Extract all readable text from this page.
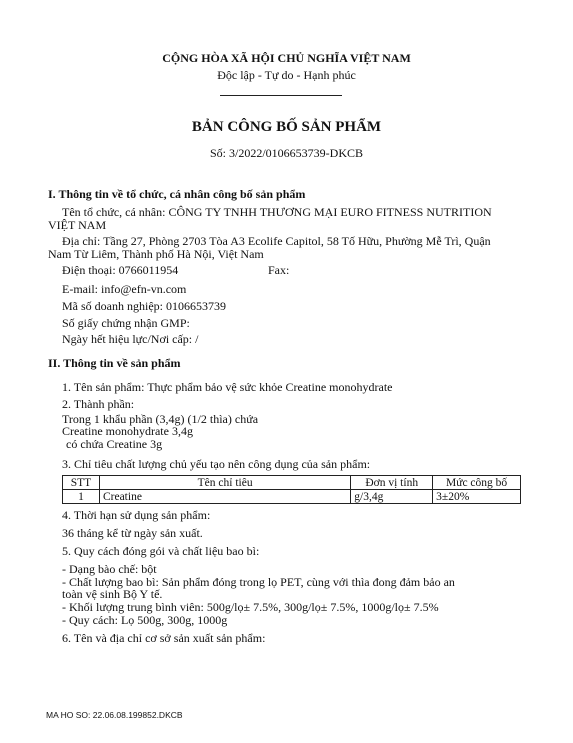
CỘNG HÒA XÃ HỘI CHỦ NGHĨA VIỆT NAM
Độc lập - Tự do - Hạnh phúc
BẢN CÔNG BỐ SẢN PHẨM
Số: 3/2022/0106653739-DKCB
I. Thông tin về tổ chức, cá nhân công bố sản phẩm
Tên tổ chức, cá nhân: CÔNG TY TNHH THƯƠNG MẠI EURO FITNESS NUTRITION
VIỆT NAM
Địa chỉ: Tầng 27, Phòng 2703 Tòa A3 Ecolife Capitol, 58 Tố Hữu, Phường Mễ Trì, Quận
Nam Từ Liêm, Thành phố Hà Nội, Việt Nam
Điện thoại: 0766011954	Fax:
E-mail: info@efn-vn.com
Mã số doanh nghiệp: 0106653739
Số giấy chứng nhận GMP:
Ngày hết hiệu lực/Nơi cấp: /
II. Thông tin về sản phẩm
1. Tên sản phẩm: Thực phẩm bảo vệ sức khỏe Creatine monohydrate
2. Thành phần:
Trong 1 khẩu phần (3,4g) (1/2 thìa) chứa
Creatine monohydrate 3,4g
có chứa Creatine 3g
3. Chỉ tiêu chất lượng chủ yếu tạo nên công dụng của sản phẩm:
STT	Tên chỉ tiêu	Đơn vị tính	Mức công bố
1	Creatine	g/3,4g	3±20%
4. Thời hạn sử dụng sản phẩm:
36 tháng kể từ ngày sản xuất.
5. Quy cách đóng gói và chất liệu bao bì:
- Dạng bào chế: bột
- Chất lượng bao bì: Sản phẩm đóng trong lọ PET, cùng với thìa đong đảm bảo an
toàn vệ sinh Bộ Y tế.
- Khối lượng trung bình viên: 500g/lọ± 7.5%, 300g/lọ± 7.5%, 1000g/lọ± 7.5%
- Quy cách: Lọ 500g, 300g, 1000g
6. Tên và địa chỉ cơ sở sản xuất sản phẩm:
MA HO SO: 22.06.08.199852.DKCB
